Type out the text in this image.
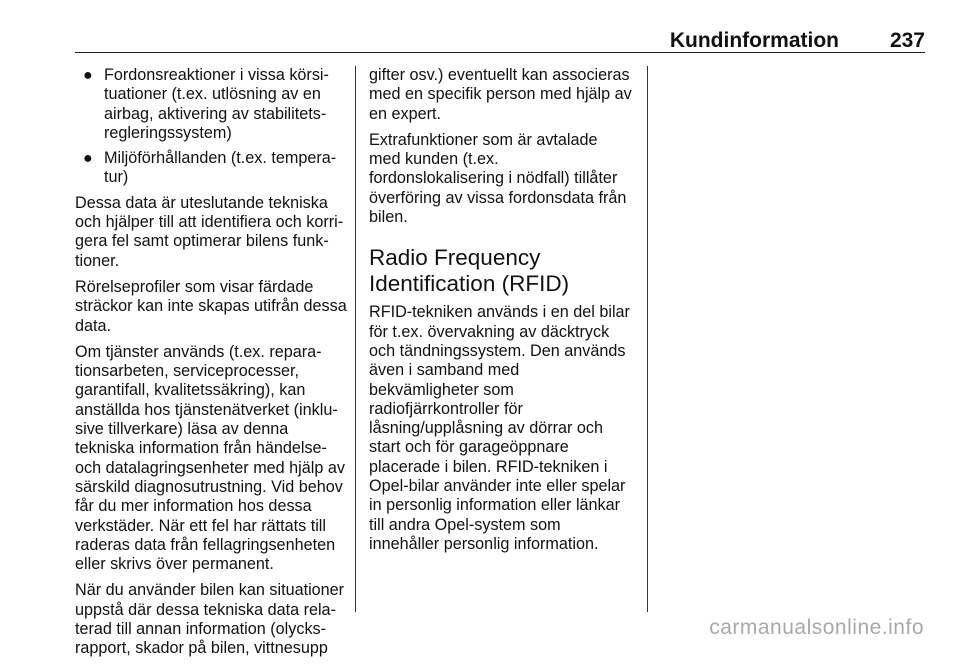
Kundinformation 237
● Fordonsreaktioner i vissa körsituationer (t.ex. utlösning av en airbag, aktivering av stabilitetsregleringssystem)
● Miljöförhållanden (t.ex. temperatur)

Dessa data är uteslutande tekniska och hjälper till att identifiera och korrigera fel samt optimerar bilens funktioner.

Rörelseprofiler som visar färdade sträckor kan inte skapas utifrån dessa data.

Om tjänster används (t.ex. reparationsarbeten, serviceprocesser, garantifall, kvalitetssäkring), kan anställda hos tjänstenätverket (inklusive tillverkare) läsa av denna tekniska information från händelse- och datalagringsenheter med hjälp av särskild diagnosutrustning. Vid behov får du mer information hos dessa verkstäder. När ett fel har rättats till raderas data från fellagringsenheten eller skrivs över permanent.

När du använder bilen kan situationer uppstå där dessa tekniska data relaterad till annan information (olycksrapport, skador på bilen, vittnesupp

gifter osv.) eventuellt kan associeras med en specifik person med hjälp av en expert.

Extrafunktioner som är avtalade med kunden (t.ex. fordonslokalisering i nödfall) tillåter överföring av vissa fordonsdata från bilen.

Radio Frequency Identification (RFID)

RFID-tekniken används i en del bilar för t.ex. övervakning av däcktryck och tändningssystem. Den används även i samband med bekvämligheter som radiofjärrkontroller för låsning/upplåsning av dörrar och start och för garageöppnare placerade i bilen. RFID-tekniken i Opel-bilar använder inte eller spelar in personlig information eller länkar till andra Opel-system som innehåller personlig information.

carmanualsonline.info
